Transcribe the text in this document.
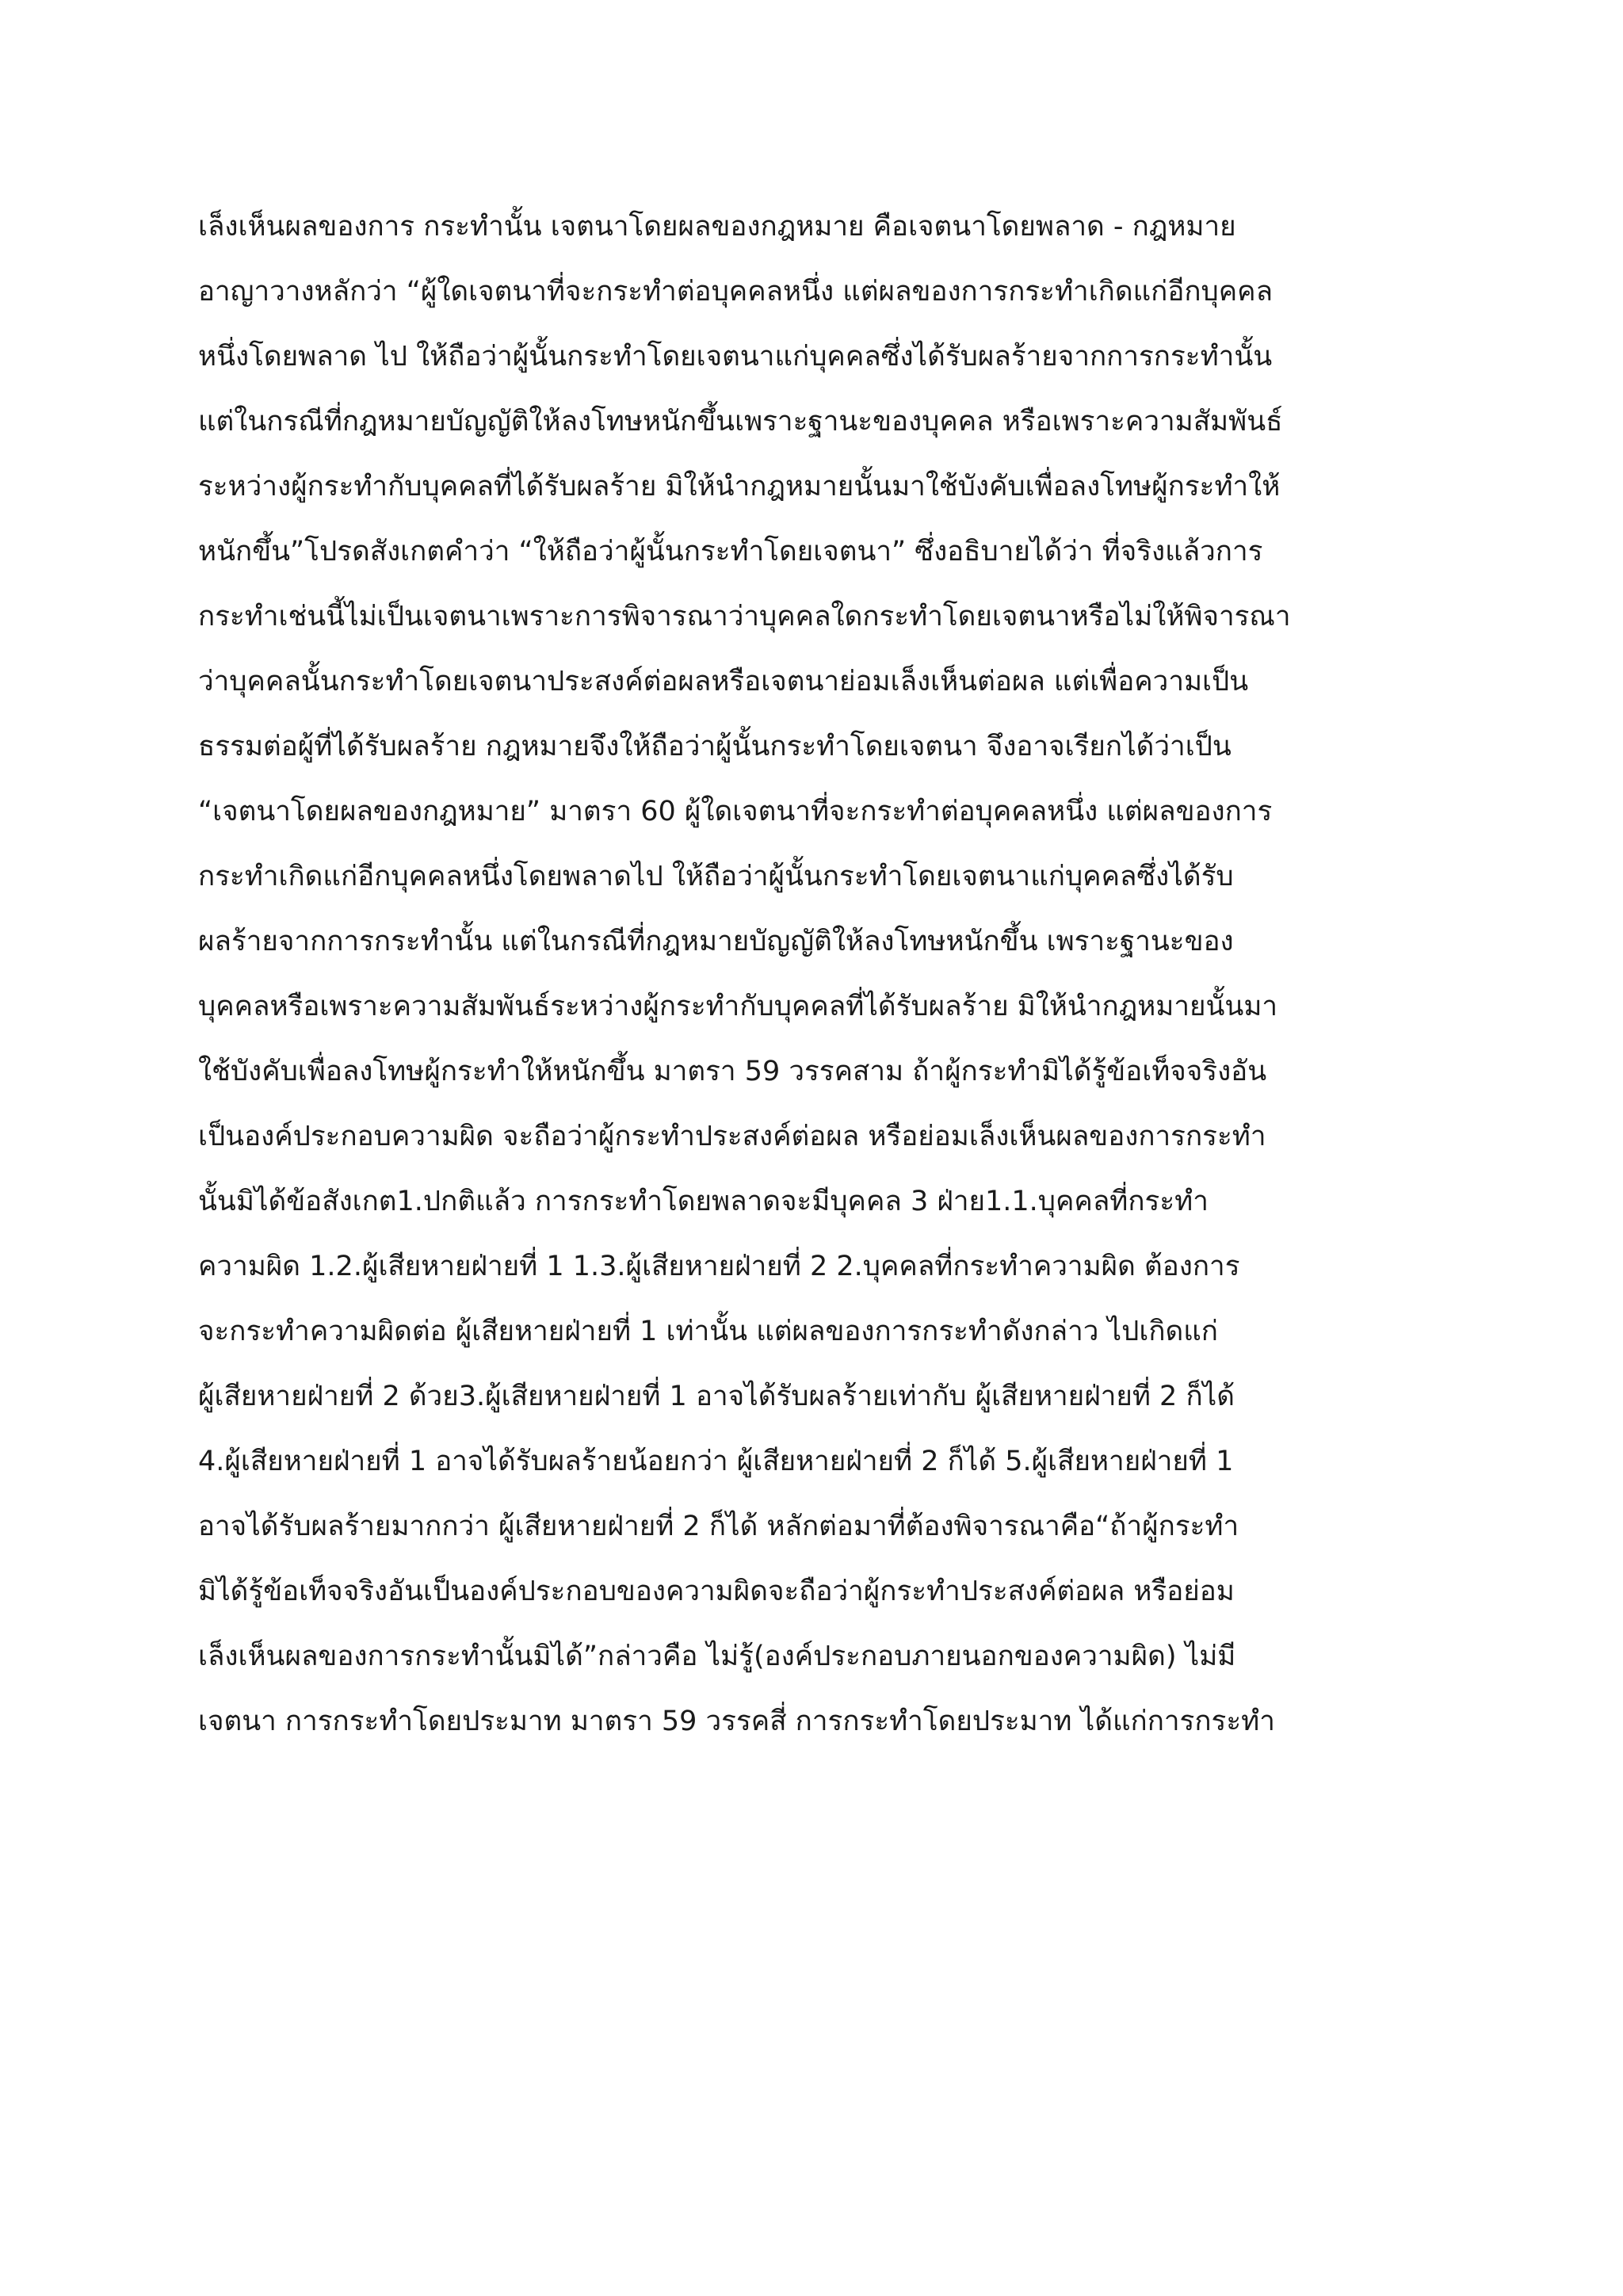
เล็งเห็นผลของการ กระทำนั้น เจตนาโดยผลของกฎหมาย คือเจตนาโดยพลาด - กฎหมาย
อาญาวางหลักว่า “ผู้ใดเจตนาที่จะกระทำต่อบุคคลหนึ่ง แต่ผลของการกระทำเกิดแก่อีกบุคคล
หนึ่งโดยพลาด ไป ให้ถือว่าผู้นั้นกระทำโดยเจตนาแก่บุคคลซึ่งได้รับผลร้ายจากการกระทำนั้น
แต่ในกรณีที่กฎหมายบัญญัติให้ลงโทษหนักขึ้นเพราะฐานะของบุคคล หรือเพราะความสัมพันธ์
ระหว่างผู้กระทำกับบุคคลที่ได้รับผลร้าย มิให้นำกฎหมายนั้นมาใช้บังคับเพื่อลงโทษผู้กระทำให้
หนักขึ้น”โปรดสังเกตคำว่า “ให้ถือว่าผู้นั้นกระทำโดยเจตนา” ซึ่งอธิบายได้ว่า ที่จริงแล้วการ
กระทำเช่นนี้ไม่เป็นเจตนาเพราะการพิจารณาว่าบุคคลใดกระทำโดยเจตนาหรือไม่ให้พิจารณา
ว่าบุคคลนั้นกระทำโดยเจตนาประสงค์ต่อผลหรือเจตนาย่อมเล็งเห็นต่อผล แต่เพื่อความเป็น
ธรรมต่อผู้ที่ได้รับผลร้าย กฎหมายจึงให้ถือว่าผู้นั้นกระทำโดยเจตนา จึงอาจเรียกได้ว่าเป็น
“เจตนาโดยผลของกฎหมาย” มาตรา 60 ผู้ใดเจตนาที่จะกระทำต่อบุคคลหนึ่ง แต่ผลของการ
กระทำเกิดแก่อีกบุคคลหนึ่งโดยพลาดไป ให้ถือว่าผู้นั้นกระทำโดยเจตนาแก่บุคคลซึ่งได้รับ
ผลร้ายจากการกระทำนั้น แต่ในกรณีที่กฎหมายบัญญัติให้ลงโทษหนักขึ้น เพราะฐานะของ
บุคคลหรือเพราะความสัมพันธ์ระหว่างผู้กระทำกับบุคคลที่ได้รับผลร้าย มิให้นำกฎหมายนั้นมา
ใช้บังคับเพื่อลงโทษผู้กระทำให้หนักขึ้น มาตรา 59 วรรคสาม ถ้าผู้กระทำมิได้รู้ข้อเท็จจริงอัน
เป็นองค์ประกอบความผิด จะถือว่าผู้กระทำประสงค์ต่อผล หรือย่อมเล็งเห็นผลของการกระทำ
นั้นมิได้ข้อสังเกต1.ปกติแล้ว การกระทำโดยพลาดจะมีบุคคล 3 ฝ่าย1.1.บุคคลที่กระทำ
ความผิด 1.2.ผู้เสียหายฝ่ายที่ 1 1.3.ผู้เสียหายฝ่ายที่ 2 2.บุคคลที่กระทำความผิด ต้องการ
จะกระทำความผิดต่อ ผู้เสียหายฝ่ายที่ 1 เท่านั้น แต่ผลของการกระทำดังกล่าว ไปเกิดแก่
ผู้เสียหายฝ่ายที่ 2 ด้วย3.ผู้เสียหายฝ่ายที่ 1 อาจได้รับผลร้ายเท่ากับ ผู้เสียหายฝ่ายที่ 2 ก็ได้
4.ผู้เสียหายฝ่ายที่ 1 อาจได้รับผลร้ายน้อยกว่า ผู้เสียหายฝ่ายที่ 2 ก็ได้ 5.ผู้เสียหายฝ่ายที่ 1
อาจได้รับผลร้ายมากกว่า ผู้เสียหายฝ่ายที่ 2 ก็ได้ หลักต่อมาที่ต้องพิจารณาคือ“ถ้าผู้กระทำ
มิได้รู้ข้อเท็จจริงอันเป็นองค์ประกอบของความผิดจะถือว่าผู้กระทำประสงค์ต่อผล หรือย่อม
เล็งเห็นผลของการกระทำนั้นมิได้”กล่าวคือ ไม่รู้(องค์ประกอบภายนอกของความผิด) ไม่มี
เจตนา การกระทำโดยประมาท มาตรา 59 วรรคสี่ การกระทำโดยประมาท ได้แก่การกระทำ
